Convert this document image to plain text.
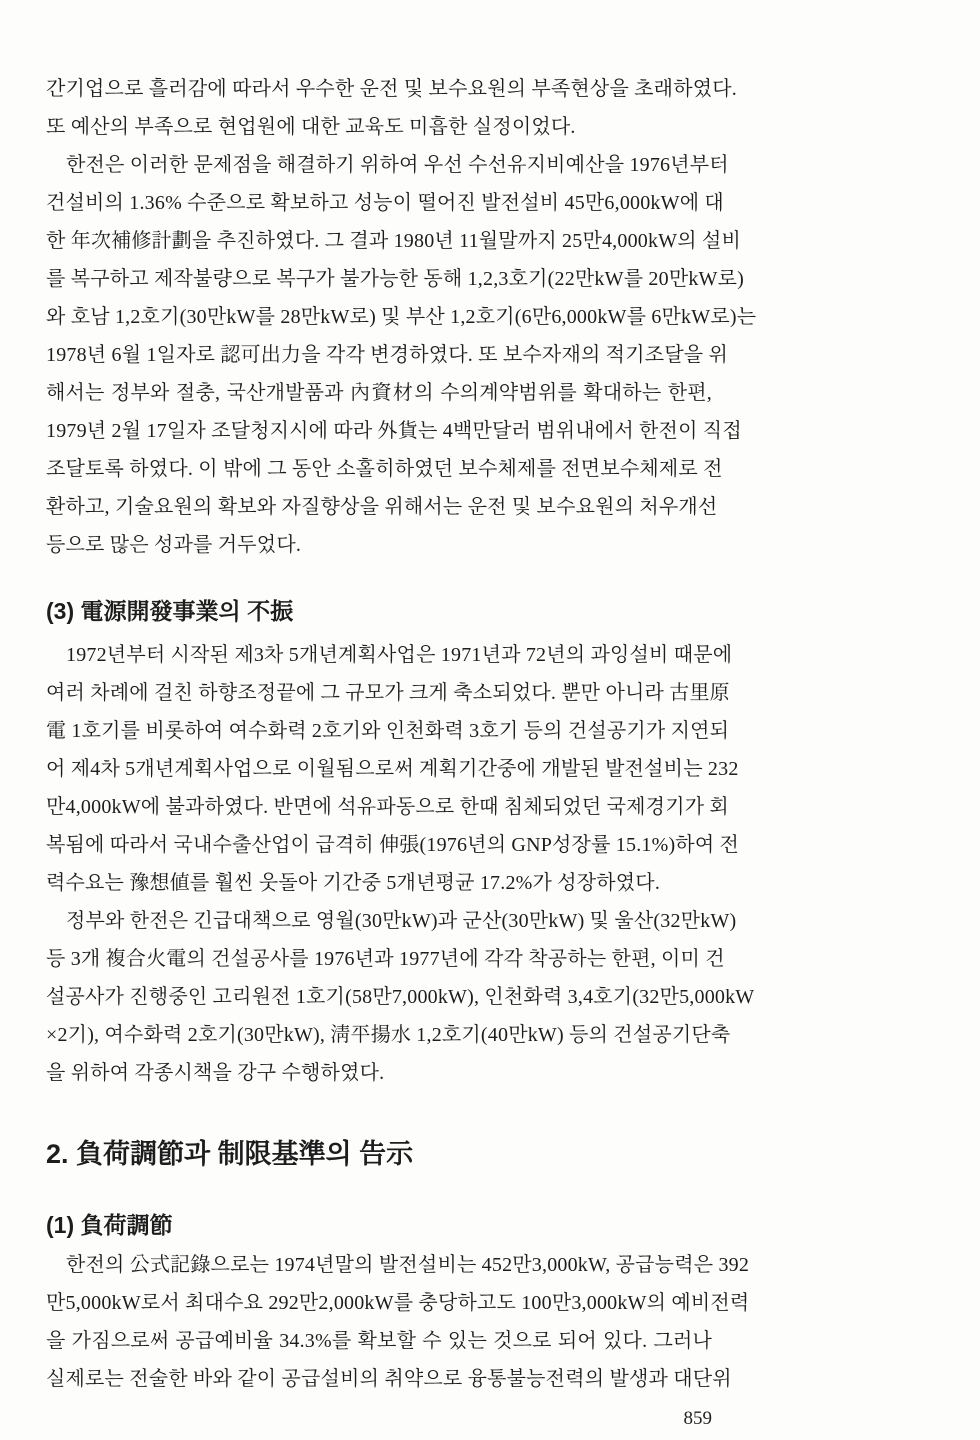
간기업으로 흘러감에 따라서 우수한 운전 및 보수요원의 부족현상을 초래하였다.
또 예산의 부족으로 현업원에 대한 교육도 미흡한 실정이었다.
한전은 이러한 문제점을 해결하기 위하여 우선 수선유지비예산을 1976년부터
건설비의 1.36% 수준으로 확보하고 성능이 떨어진 발전설비 45만6,000kW에 대
한 年次補修計劃을 추진하였다. 그 결과 1980년 11월말까지 25만4,000kW의 설비
를 복구하고 제작불량으로 복구가 불가능한 동해 1,2,3호기(22만kW를 20만kW로)
와 호남 1,2호기(30만kW를 28만kW로) 및 부산 1,2호기(6만6,000kW를 6만kW로)는
1978년 6월 1일자로 認可出力을 각각 변경하였다. 또 보수자재의 적기조달을 위
해서는 정부와 절충, 국산개발품과 內資材의 수의계약범위를 확대하는 한편,
1979년 2월 17일자 조달청지시에 따라 外貨는 4백만달러 범위내에서 한전이 직접
조달토록 하였다. 이 밖에 그 동안 소홀히하였던 보수체제를 전면보수체제로 전
환하고, 기술요원의 확보와 자질향상을 위해서는 운전 및 보수요원의 처우개선
등으로 많은 성과를 거두었다.
(3) 電源開發事業의 不振
1972년부터 시작된 제3차 5개년계획사업은 1971년과 72년의 과잉설비 때문에
여러 차례에 걸친 하향조정끝에 그 규모가 크게 축소되었다. 뿐만 아니라 古里原
電 1호기를 비롯하여 여수화력 2호기와 인천화력 3호기 등의 건설공기가 지연되
어 제4차 5개년계획사업으로 이월됨으로써 계획기간중에 개발된 발전설비는 232
만4,000kW에 불과하였다. 반면에 석유파동으로 한때 침체되었던 국제경기가 회
복됨에 따라서 국내수출산업이 급격히 伸張(1976년의 GNP성장률 15.1%)하여 전
력수요는 豫想値를 훨씬 웃돌아 기간중 5개년평균 17.2%가 성장하였다.
정부와 한전은 긴급대책으로 영월(30만kW)과 군산(30만kW) 및 울산(32만kW)
등 3개 複合火電의 건설공사를 1976년과 1977년에 각각 착공하는 한편, 이미 건
설공사가 진행중인 고리원전 1호기(58만7,000kW), 인천화력 3,4호기(32만5,000kW
×2기), 여수화력 2호기(30만kW), 淸平揚水 1,2호기(40만kW) 등의 건설공기단축
을 위하여 각종시책을 강구 수행하였다.
2. 負荷調節과 制限基準의 告示
(1) 負荷調節
한전의 公式記錄으로는 1974년말의 발전설비는 452만3,000kW, 공급능력은 392
만5,000kW로서 최대수요 292만2,000kW를 충당하고도 100만3,000kW의 예비전력
을 가짐으로써 공급예비율 34.3%를 확보할 수 있는 것으로 되어 있다. 그러나
실제로는 전술한 바와 같이 공급설비의 취약으로 융통불능전력의 발생과 대단위
859
